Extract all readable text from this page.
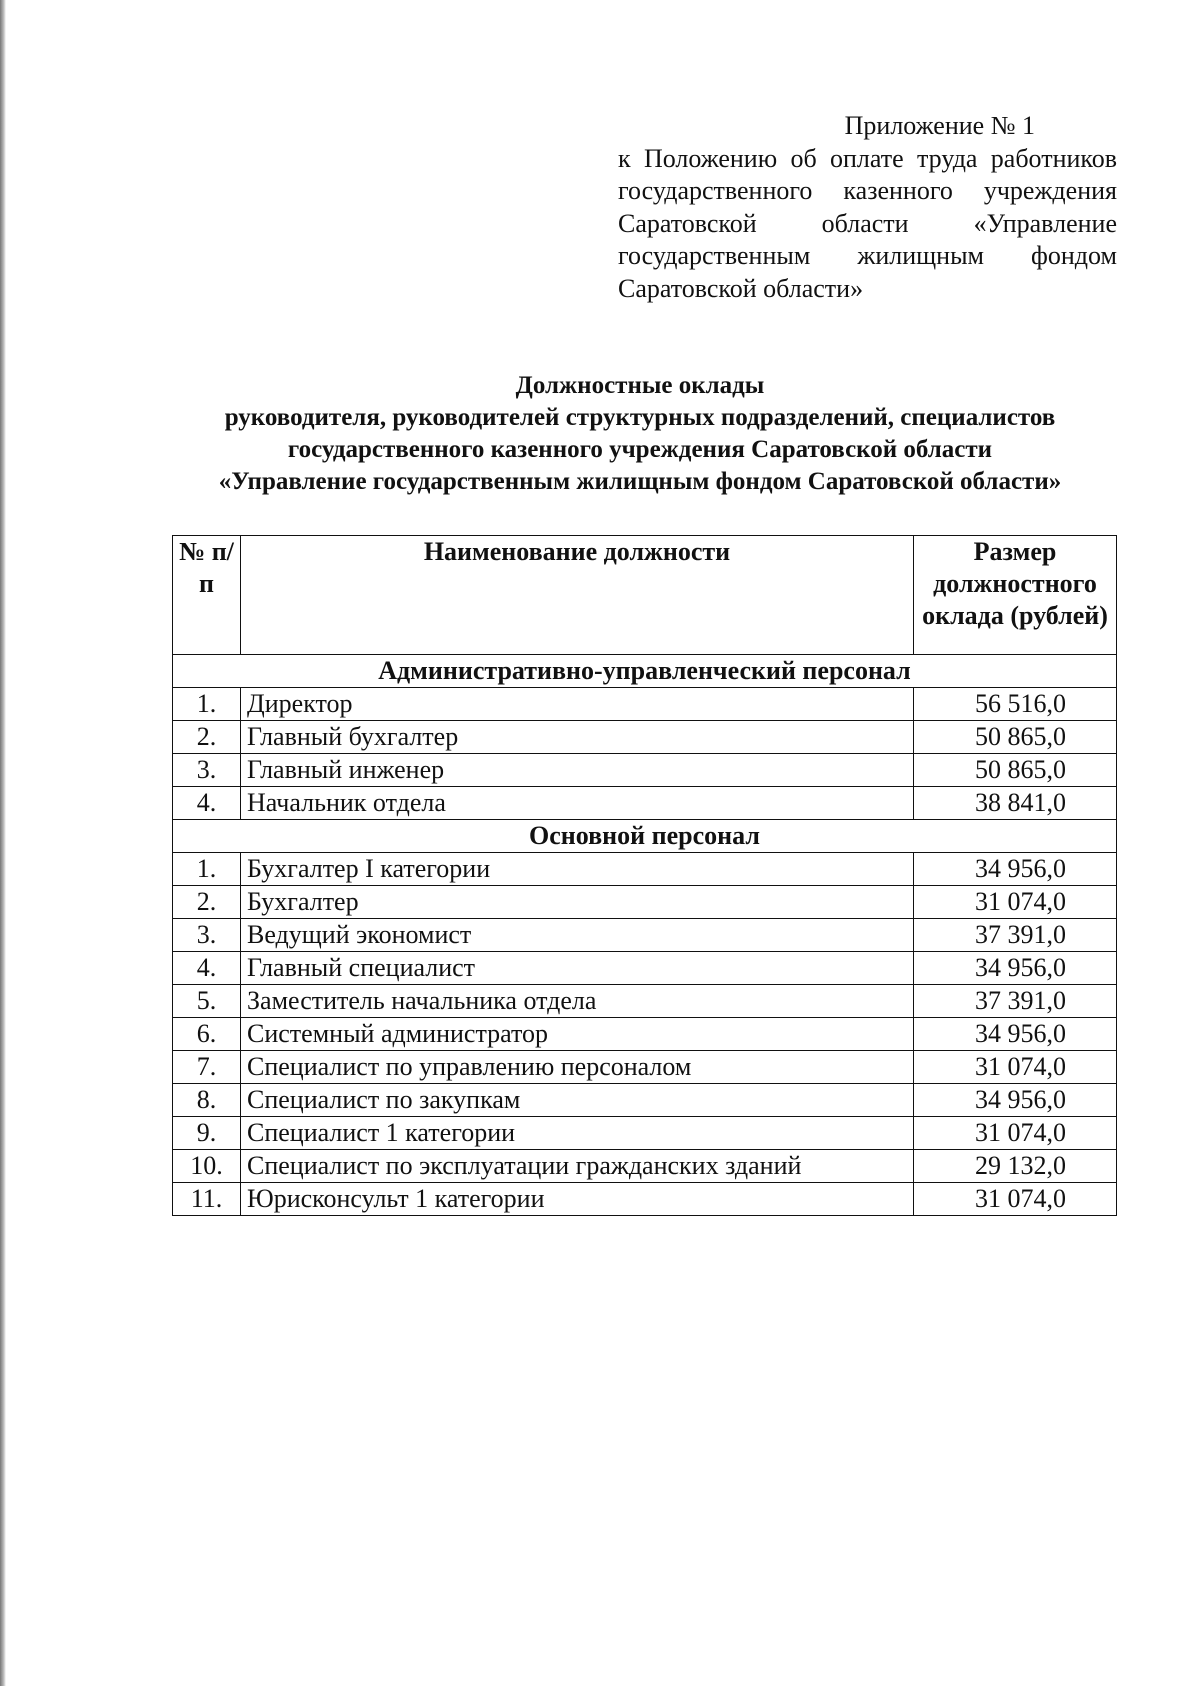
Приложение № 1
к Положению об оплате труда работников государственного казенного учреждения Саратовской области «Управление государственным жилищным фондом Саратовской области»
Должностные оклады
руководителя, руководителей структурных подразделений, специалистов
государственного казенного учреждения Саратовской области
«Управление государственным жилищным фондом Саратовской области»
№ п/п	Наименование должности	Размер должностного оклада (рублей)
Административно-управленческий персонал		
1.	Директор	56 516,0
2.	Главный бухгалтер	50 865,0
3.	Главный инженер	50 865,0
4.	Начальник отдела	38 841,0
Основной персонал		
1.	Бухгалтер I категории	34 956,0
2.	Бухгалтер	31 074,0
3.	Ведущий экономист	37 391,0
4.	Главный специалист	34 956,0
5.	Заместитель начальника отдела	37 391,0
6.	Системный администратор	34 956,0
7.	Специалист по управлению персоналом	31 074,0
8.	Специалист по закупкам	34 956,0
9.	Специалист 1 категории	31 074,0
10.	Специалист по эксплуатации гражданских зданий	29 132,0
11.	Юрисконсульт 1 категории	31 074,0
